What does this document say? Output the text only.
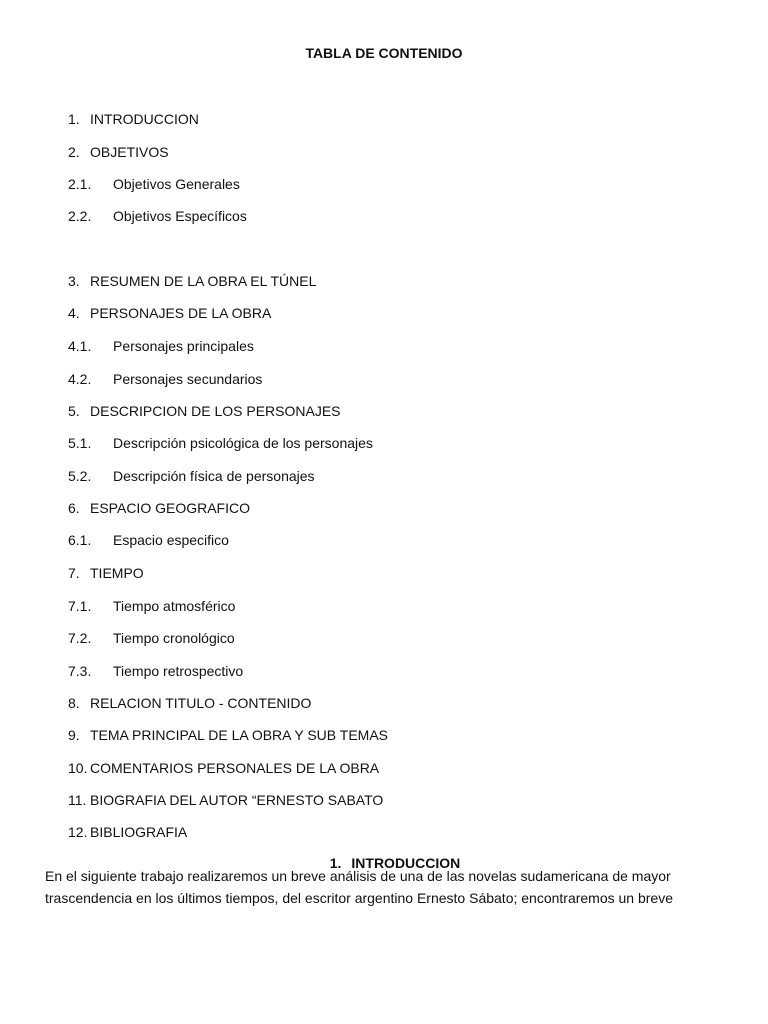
TABLA DE CONTENIDO
1. INTRODUCCION
2. OBJETIVOS
2.1. Objetivos Generales
2.2. Objetivos Específicos
3. RESUMEN DE LA OBRA EL TÚNEL
4. PERSONAJES DE LA OBRA
4.1. Personajes principales
4.2. Personajes secundarios
5. DESCRIPCION DE LOS PERSONAJES
5.1. Descripción psicológica de los personajes
5.2. Descripción física de personajes
6. ESPACIO GEOGRAFICO
6.1. Espacio especifico
7. TIEMPO
7.1. Tiempo atmosférico
7.2. Tiempo cronológico
7.3. Tiempo retrospectivo
8. RELACION TITULO - CONTENIDO
9. TEMA PRINCIPAL DE LA OBRA Y SUB TEMAS
10. COMENTARIOS PERSONALES DE LA OBRA
11. BIOGRAFIA DEL AUTOR “ERNESTO SABATO
12. BIBLIOGRAFIA
1. INTRODUCCION
En el siguiente trabajo realizaremos un breve análisis de una de las novelas sudamericana de mayor
trascendencia en los últimos tiempos, del escritor argentino Ernesto Sábato; encontraremos un breve
